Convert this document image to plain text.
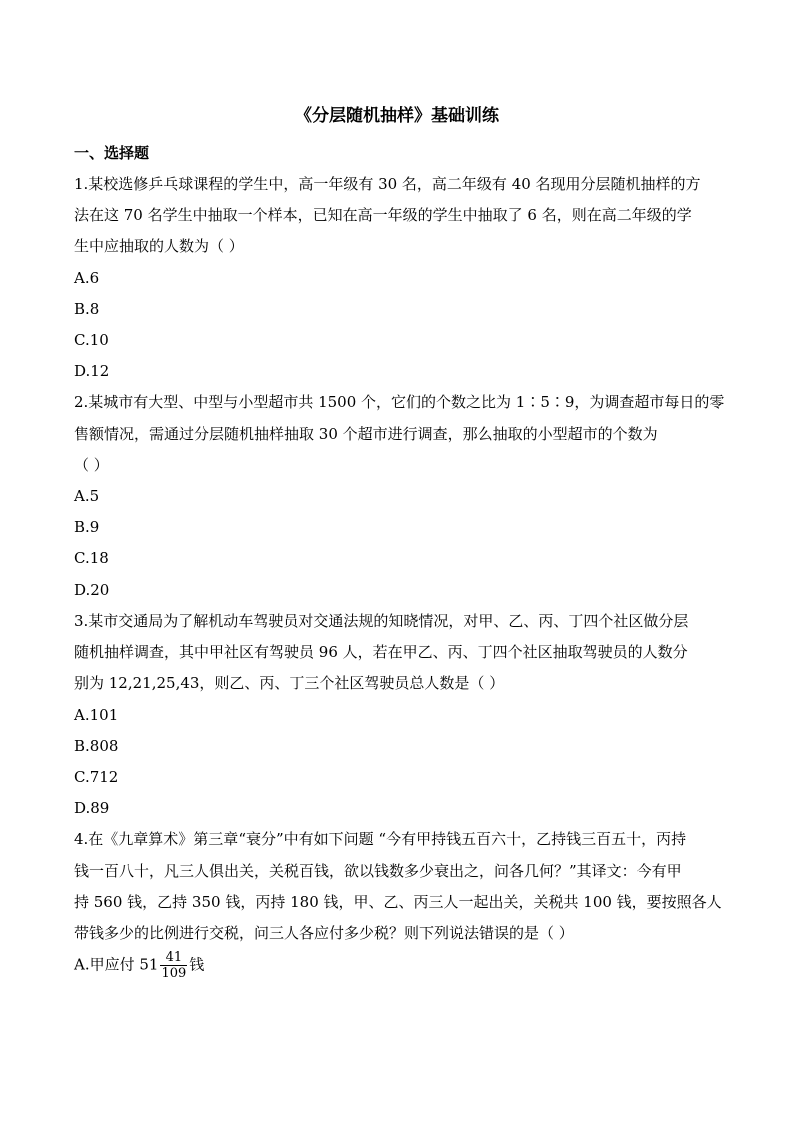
《分层随机抽样》基础训练
一、选择题
1.某校选修乒乓球课程的学生中，高一年级有 30 名，高二年级有 40 名现用分层随机抽样的方
法在这 70 名学生中抽取一个样本，已知在高一年级的学生中抽取了 6 名，则在高二年级的学
生中应抽取的人数为（ ）
A.6
B.8
C.10
D.12
2.某城市有大型、中型与小型超市共 1500 个，它们的个数之比为 1∶5∶9，为调查超市每日的零
售额情况，需通过分层随机抽样抽取 30 个超市进行调查，那么抽取的小型超市的个数为
（ ）
A.5
B.9
C.18
D.20
3.某市交通局为了解机动车驾驶员对交通法规的知晓情况，对甲、乙、丙、丁四个社区做分层
随机抽样调查，其中甲社区有驾驶员 96 人，若在甲乙、丙、丁四个社区抽取驾驶员的人数分
别为 12,21,25,43，则乙、丙、丁三个社区驾驶员总人数是（ ）
A.101
B.808
C.712
D.89
4.在《九章算术》第三章“衰分”中有如下问题 “今有甲持钱五百六十，乙持钱三百五十，丙持
钱一百八十，凡三人俱出关，关税百钱，欲以钱数多少衰出之，问各几何？”其译文：今有甲
持 560 钱，乙持 350 钱，丙持 180 钱，甲、乙、丙三人一起出关，关税共 100 钱，要按照各人
带钱多少的比例进行交税，问三人各应付多少税？则下列说法错误的是（ ）
A.甲应付 $51 \frac{41}{109}$ 钱
